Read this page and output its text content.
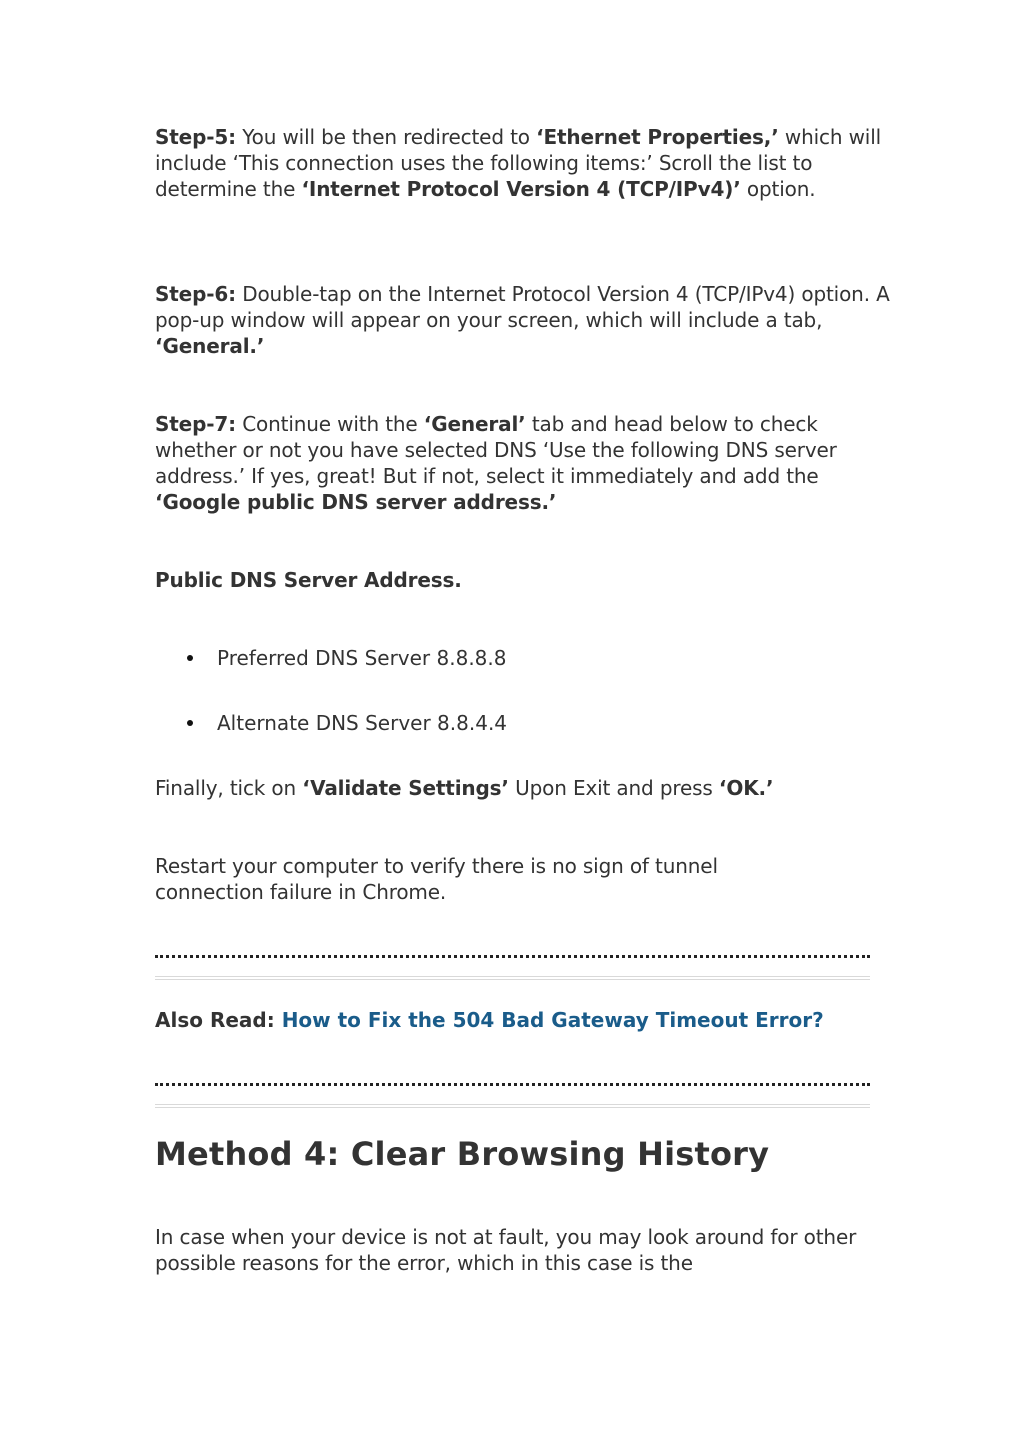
Step-5: You will be then redirected to ‘Ethernet Properties,’ which will include ‘This connection uses the following items:’ Scroll the list to determine the ‘Internet Protocol Version 4 (TCP/IPv4)’ option.

Step-6: Double-tap on the Internet Protocol Version 4 (TCP/IPv4) option. A pop-up window will appear on your screen, which will include a tab, ‘General.’

Step-7: Continue with the ‘General’ tab and head below to check whether or not you have selected DNS ‘Use the following DNS server address.’ If yes, great! But if not, select it immediately and add the ‘Google public DNS server address.’

Public DNS Server Address.

Preferred DNS Server 8.8.8.8
Alternate DNS Server 8.8.4.4

Finally, tick on ‘Validate Settings’ Upon Exit and press ‘OK.’

Restart your computer to verify there is no sign of tunnel connection failure in Chrome.

Also Read: How to Fix the 504 Bad Gateway Timeout Error?
Method 4: Clear Browsing History

In case when your device is not at fault, you may look around for other possible reasons for the error, which in this case is the
